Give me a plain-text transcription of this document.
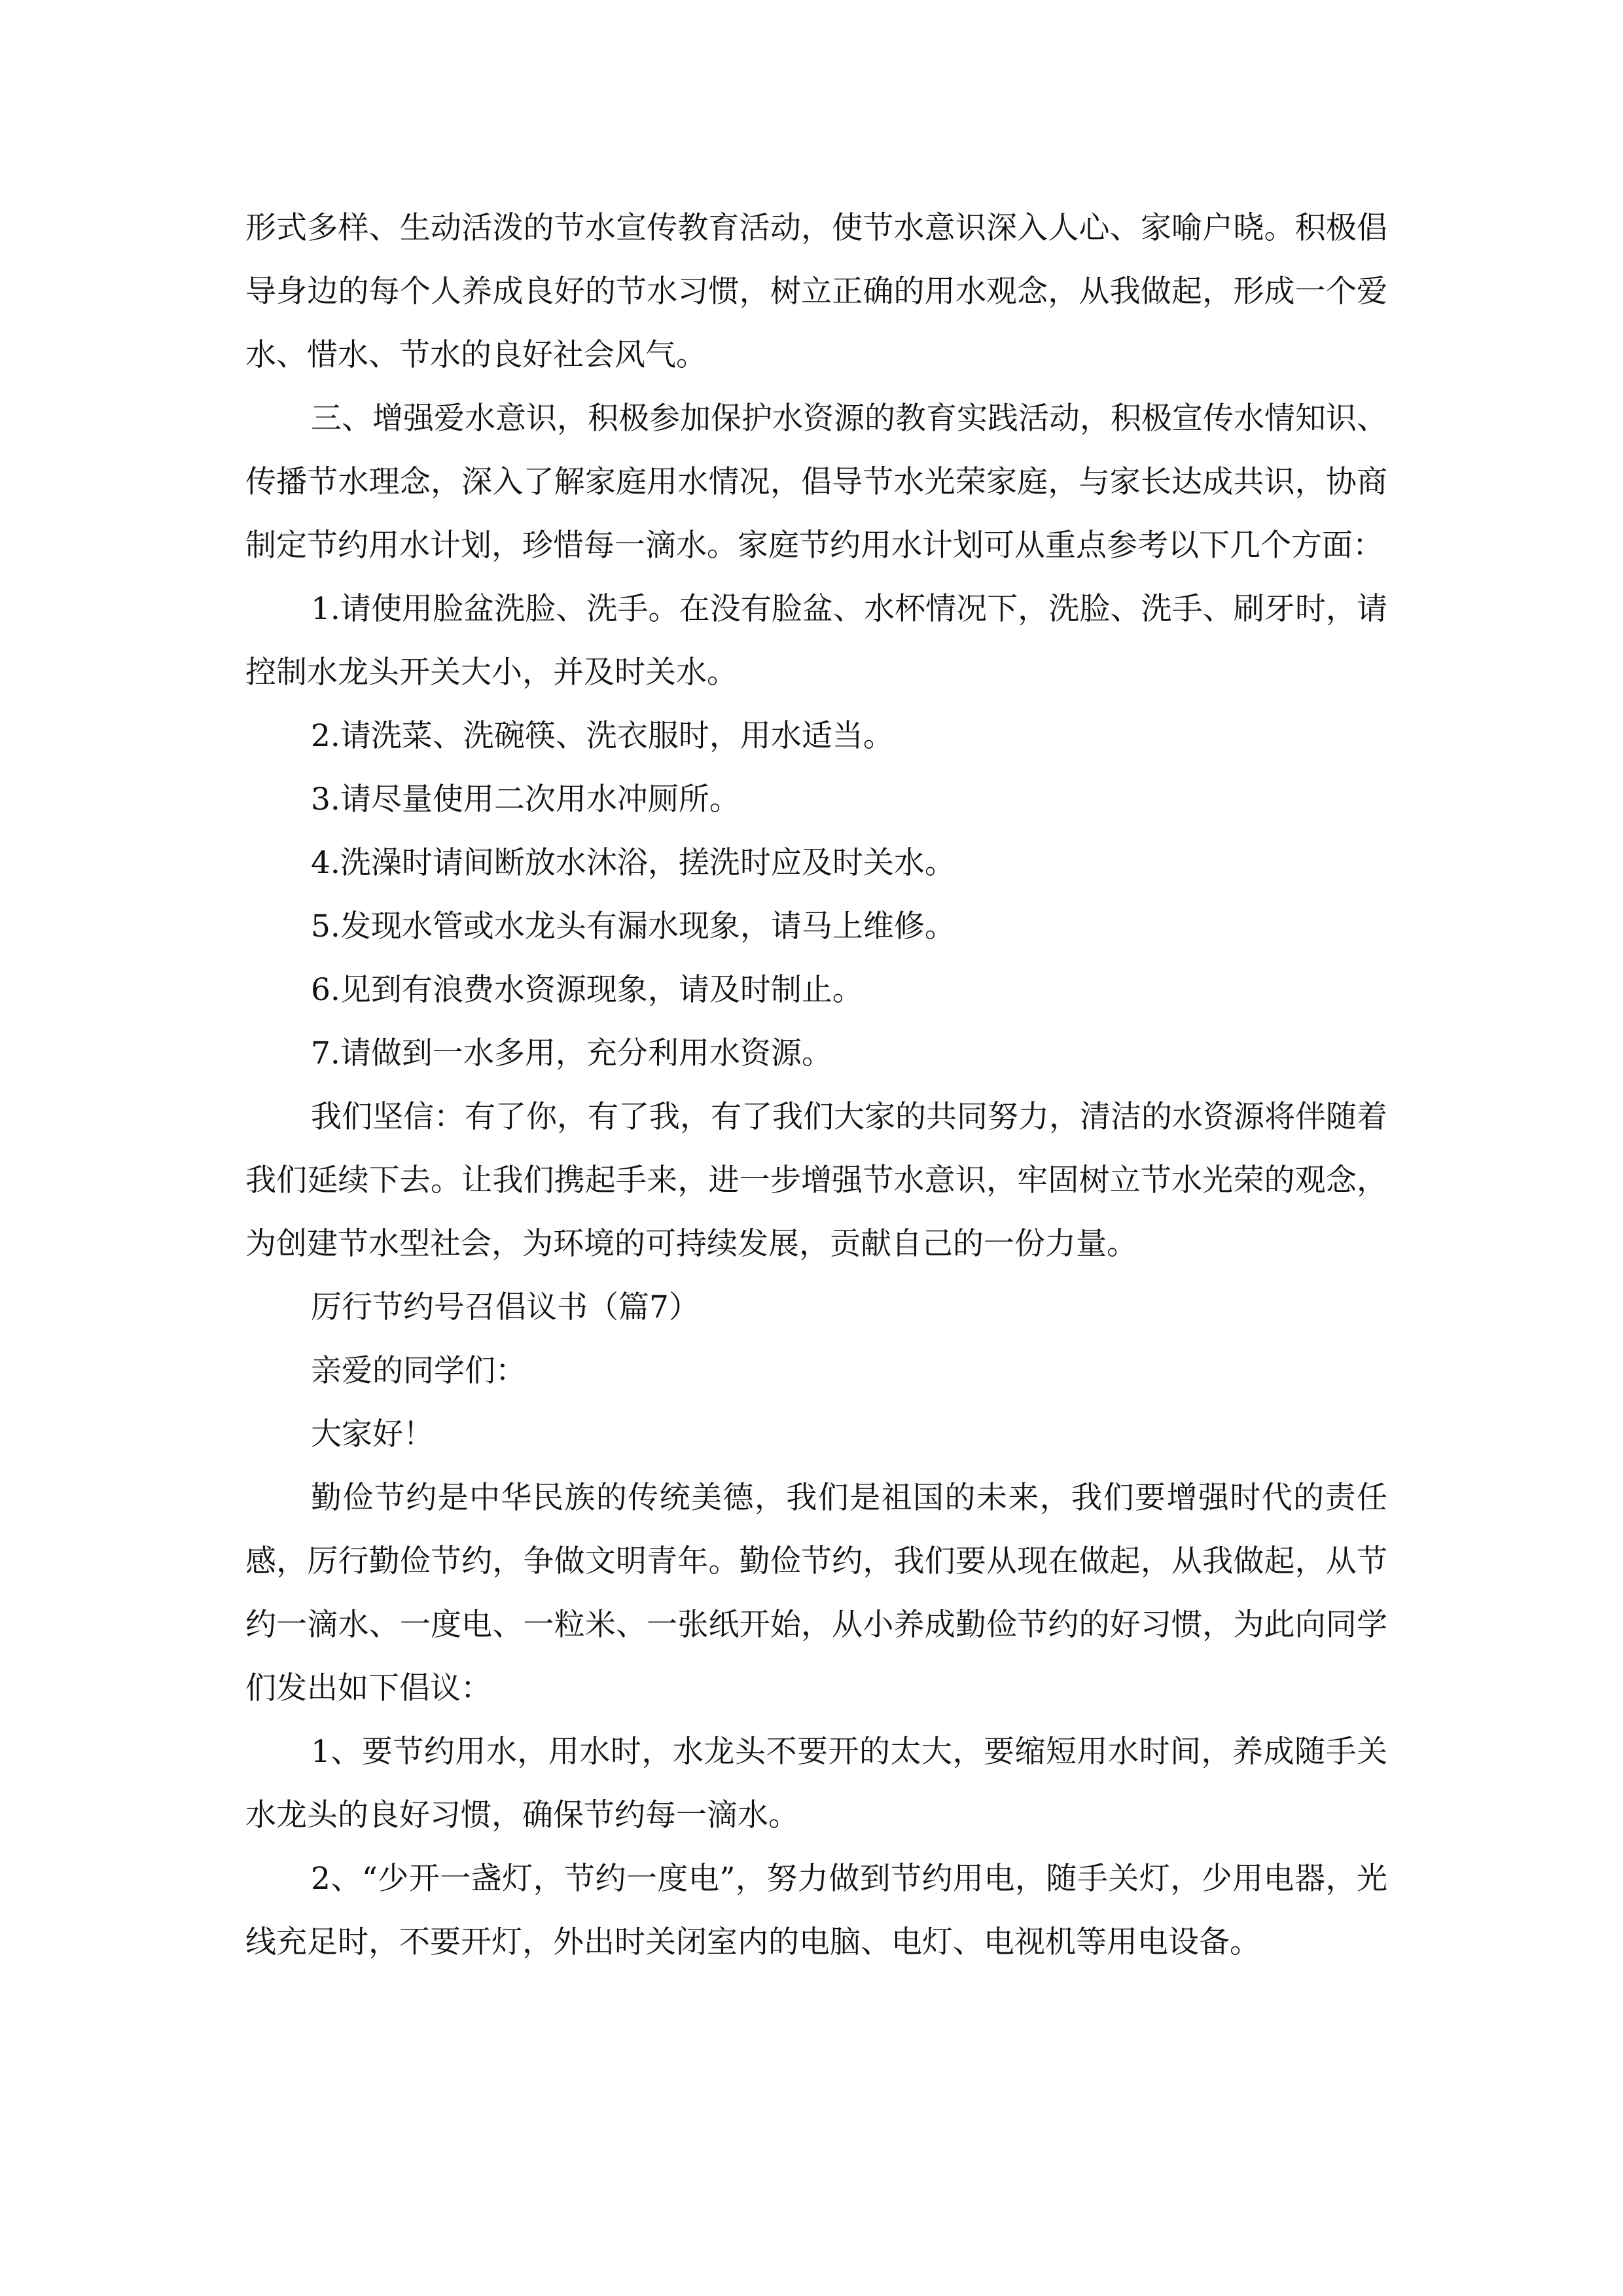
形式多样、生动活泼的节水宣传教育活动，使节水意识深入人心、家喻户晓。积极倡导身边的每个人养成良好的节水习惯，树立正确的用水观念，从我做起，形成一个爱水、惜水、节水的良好社会风气。

三、增强爱水意识，积极参加保护水资源的教育实践活动，积极宣传水情知识、传播节水理念，深入了解家庭用水情况，倡导节水光荣家庭，与家长达成共识，协商制定节约用水计划，珍惜每一滴水。家庭节约用水计划可从重点参考以下几个方面：

1.请使用脸盆洗脸、洗手。在没有脸盆、水杯情况下，洗脸、洗手、刷牙时，请控制水龙头开关大小，并及时关水。

2.请洗菜、洗碗筷、洗衣服时，用水适当。

3.请尽量使用二次用水冲厕所。

4.洗澡时请间断放水沐浴，搓洗时应及时关水。

5.发现水管或水龙头有漏水现象，请马上维修。

6.见到有浪费水资源现象，请及时制止。

7.请做到一水多用，充分利用水资源。

我们坚信：有了你，有了我，有了我们大家的共同努力，清洁的水资源将伴随着我们延续下去。让我们携起手来，进一步增强节水意识，牢固树立节水光荣的观念，为创建节水型社会，为环境的可持续发展，贡献自己的一份力量。

厉行节约号召倡议书（篇7）

亲爱的同学们：

大家好！

勤俭节约是中华民族的传统美德，我们是祖国的未来，我们要增强时代的责任感，厉行勤俭节约，争做文明青年。勤俭节约，我们要从现在做起，从我做起，从节约一滴水、一度电、一粒米、一张纸开始，从小养成勤俭节约的好习惯，为此向同学们发出如下倡议：

1、要节约用水，用水时，水龙头不要开的太大，要缩短用水时间，养成随手关水龙头的良好习惯，确保节约每一滴水。

2、“少开一盏灯，节约一度电”，努力做到节约用电，随手关灯，少用电器，光线充足时，不要开灯，外出时关闭室内的电脑、电灯、电视机等用电设备。
